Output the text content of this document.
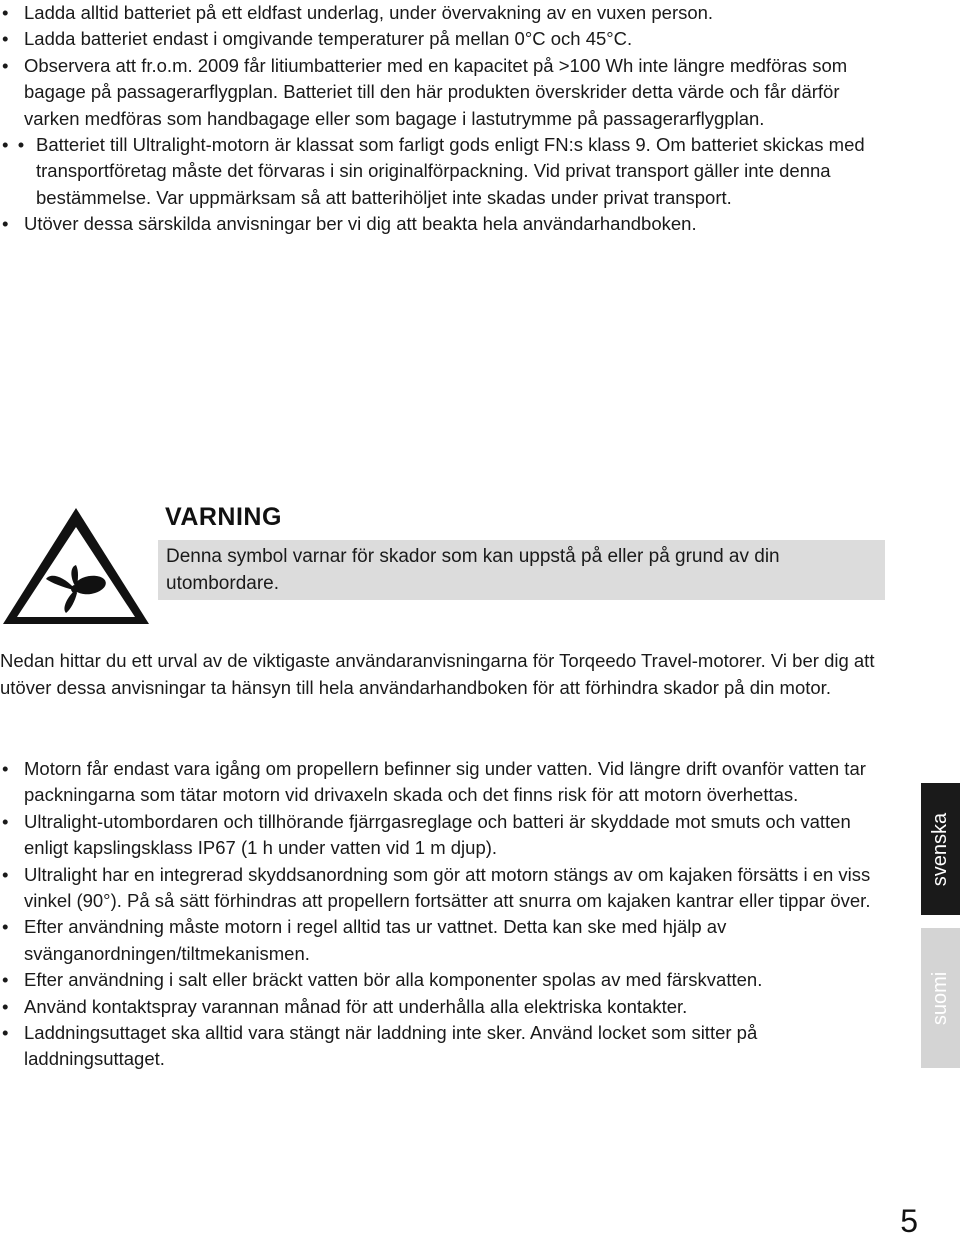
• Ladda alltid batteriet på ett eldfast underlag, under övervakning av en vuxen person.
• Ladda batteriet endast i omgivande temperaturer på mellan 0°C och 45°C.
• Observera att fr.o.m. 2009 får litiumbatterier med en kapacitet på >100 Wh inte längre medföras som bagage på passagerarflygplan. Batteriet till den här produkten överskrider detta värde och får därför varken medföras som handbagage eller som bagage i lastutrymme på passagerarflygplan.
• • Batteriet till Ultralight-motorn är klassat som farligt gods enligt FN:s klass 9. Om batteriet skickas med transportföretag måste det förvaras i sin originalförpackning. Vid privat transport gäller inte denna bestämmelse. Var uppmärksam så att batterihöljet inte skadas under privat transport.
• Utöver dessa särskilda anvisningar ber vi dig att beakta hela användarhandboken.
VARNING
Denna symbol varnar för skador som kan uppstå på eller på grund av din utombordare.

Nedan hittar du ett urval av de viktigaste användaranvisningarna för Torqeedo Travel-motorer. Vi ber dig att utöver dessa anvisningar ta hänsyn till hela användarhandboken för att förhindra skador på din motor.

• Motorn får endast vara igång om propellern befinner sig under vatten. Vid längre drift ovanför vatten tar packningarna som tätar motorn vid drivaxeln skada och det finns risk för att motorn överhettas.
• Ultralight-utombordaren och tillhörande fjärrgasreglage och batteri är skyddade mot smuts och vatten enligt kapslingsklass IP67 (1 h under vatten vid 1 m djup).
• Ultralight har en integrerad skyddsanordning som gör att motorn stängs av om kajaken försätts i en viss vinkel (90°). På så sätt förhindras att propellern fortsätter att snurra om kajaken kantrar eller tippar över.
• Efter användning måste motorn i regel alltid tas ur vattnet. Detta kan ske med hjälp av svänganordningen/tiltmekanismen.
• Efter användning i salt eller bräckt vatten bör alla komponenter spolas av med färskvatten.
• Använd kontaktspray varannan månad för att underhålla alla elektriska kontakter.
• Laddningsuttaget ska alltid vara stängt när laddning inte sker. Använd locket som sitter på laddningsuttaget.
svenska
suomi
5
